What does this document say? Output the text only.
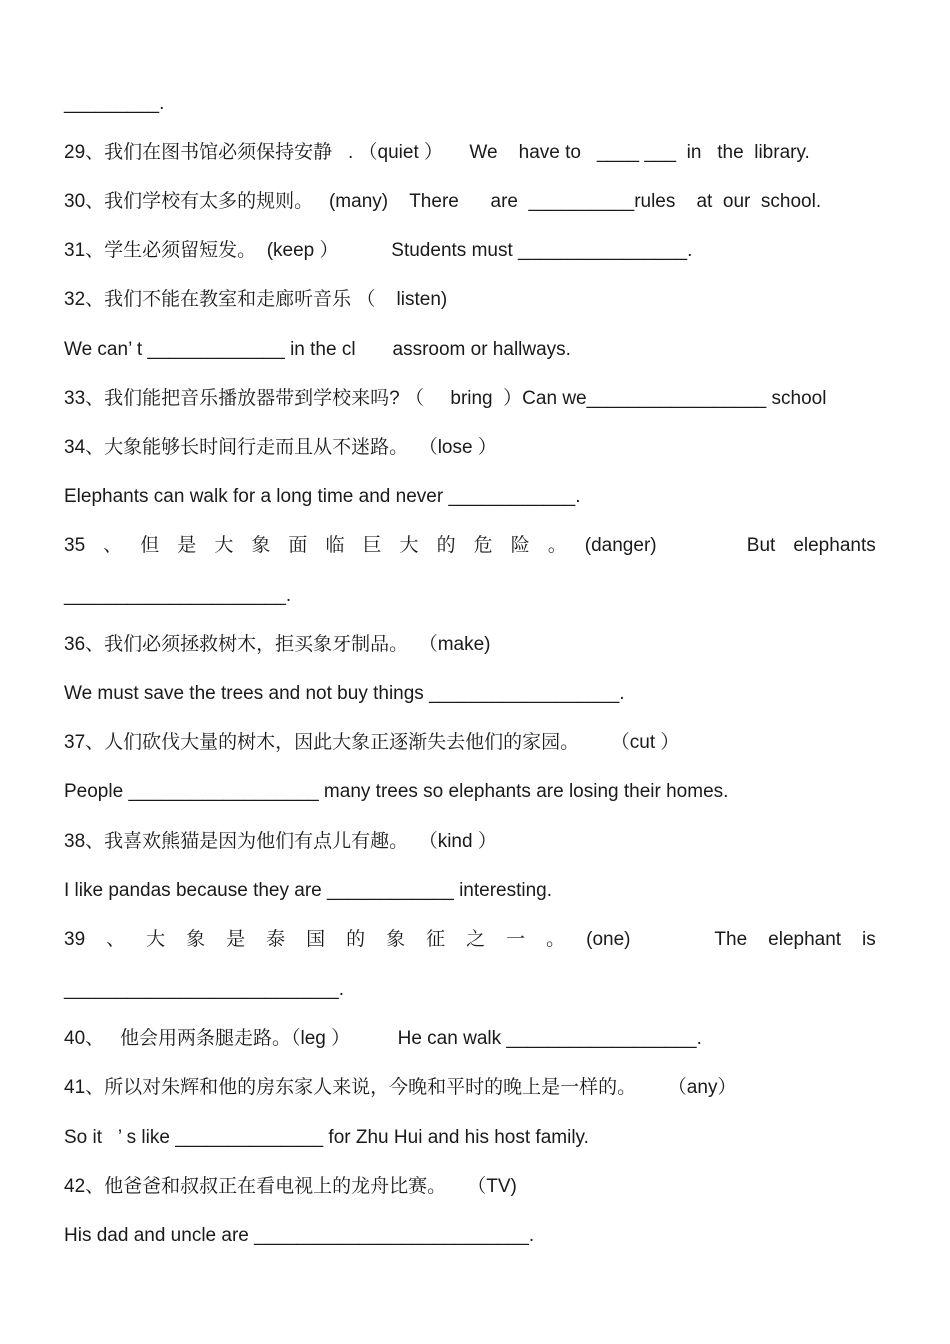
_________.
29、我们在图书馆必须保持安静   . （quiet ）     We    have to   ____ ___  in   the  library.
30、我们学校有太多的规则。   (many)    There      are  __________rules    at  our  school.
31、学生必须留短发。  (keep ）          Students must ________________.
32、我们不能在教室和走廊听音乐 （    listen)
We can’ t _____________ in the cl       assroom or hallways.
33、我们能把音乐播放器带到学校来吗? （     bring  ）Can we_________________ school
34、大象能够长时间行走而且从不迷路。  （lose ）
Elephants can walk for a long time and never ____________.
35 、 但 是 大 象 面 临 巨 大 的 危 险 。 (danger)	But elephants
_____________________.
36、我们必须拯救树木，拒买象牙制品。  （make)
We must save the trees and not buy things __________________.
37、人们砍伐大量的树木，因此大象正逐渐失去他们的家园。      （cut ）
People __________________ many trees so elephants are losing their homes.
38、我喜欢熊猫是因为他们有点儿有趣。  （kind ）
I like pandas because they are ____________ interesting.
39 、 大 象 是 泰 国 的 象 征 之 一 。 (one)	The elephant is
__________________________.
40、   他会用两条腿走路。（leg ）         He can walk __________________.
41、所以对朱辉和他的房东家人来说，今晚和平时的晚上是一样的。      （any）
So it   ’ s like ______________ for Zhu Hui and his host family.
42、他爸爸和叔叔正在看电视上的龙舟比赛。    （TV)
His dad and uncle are __________________________.
